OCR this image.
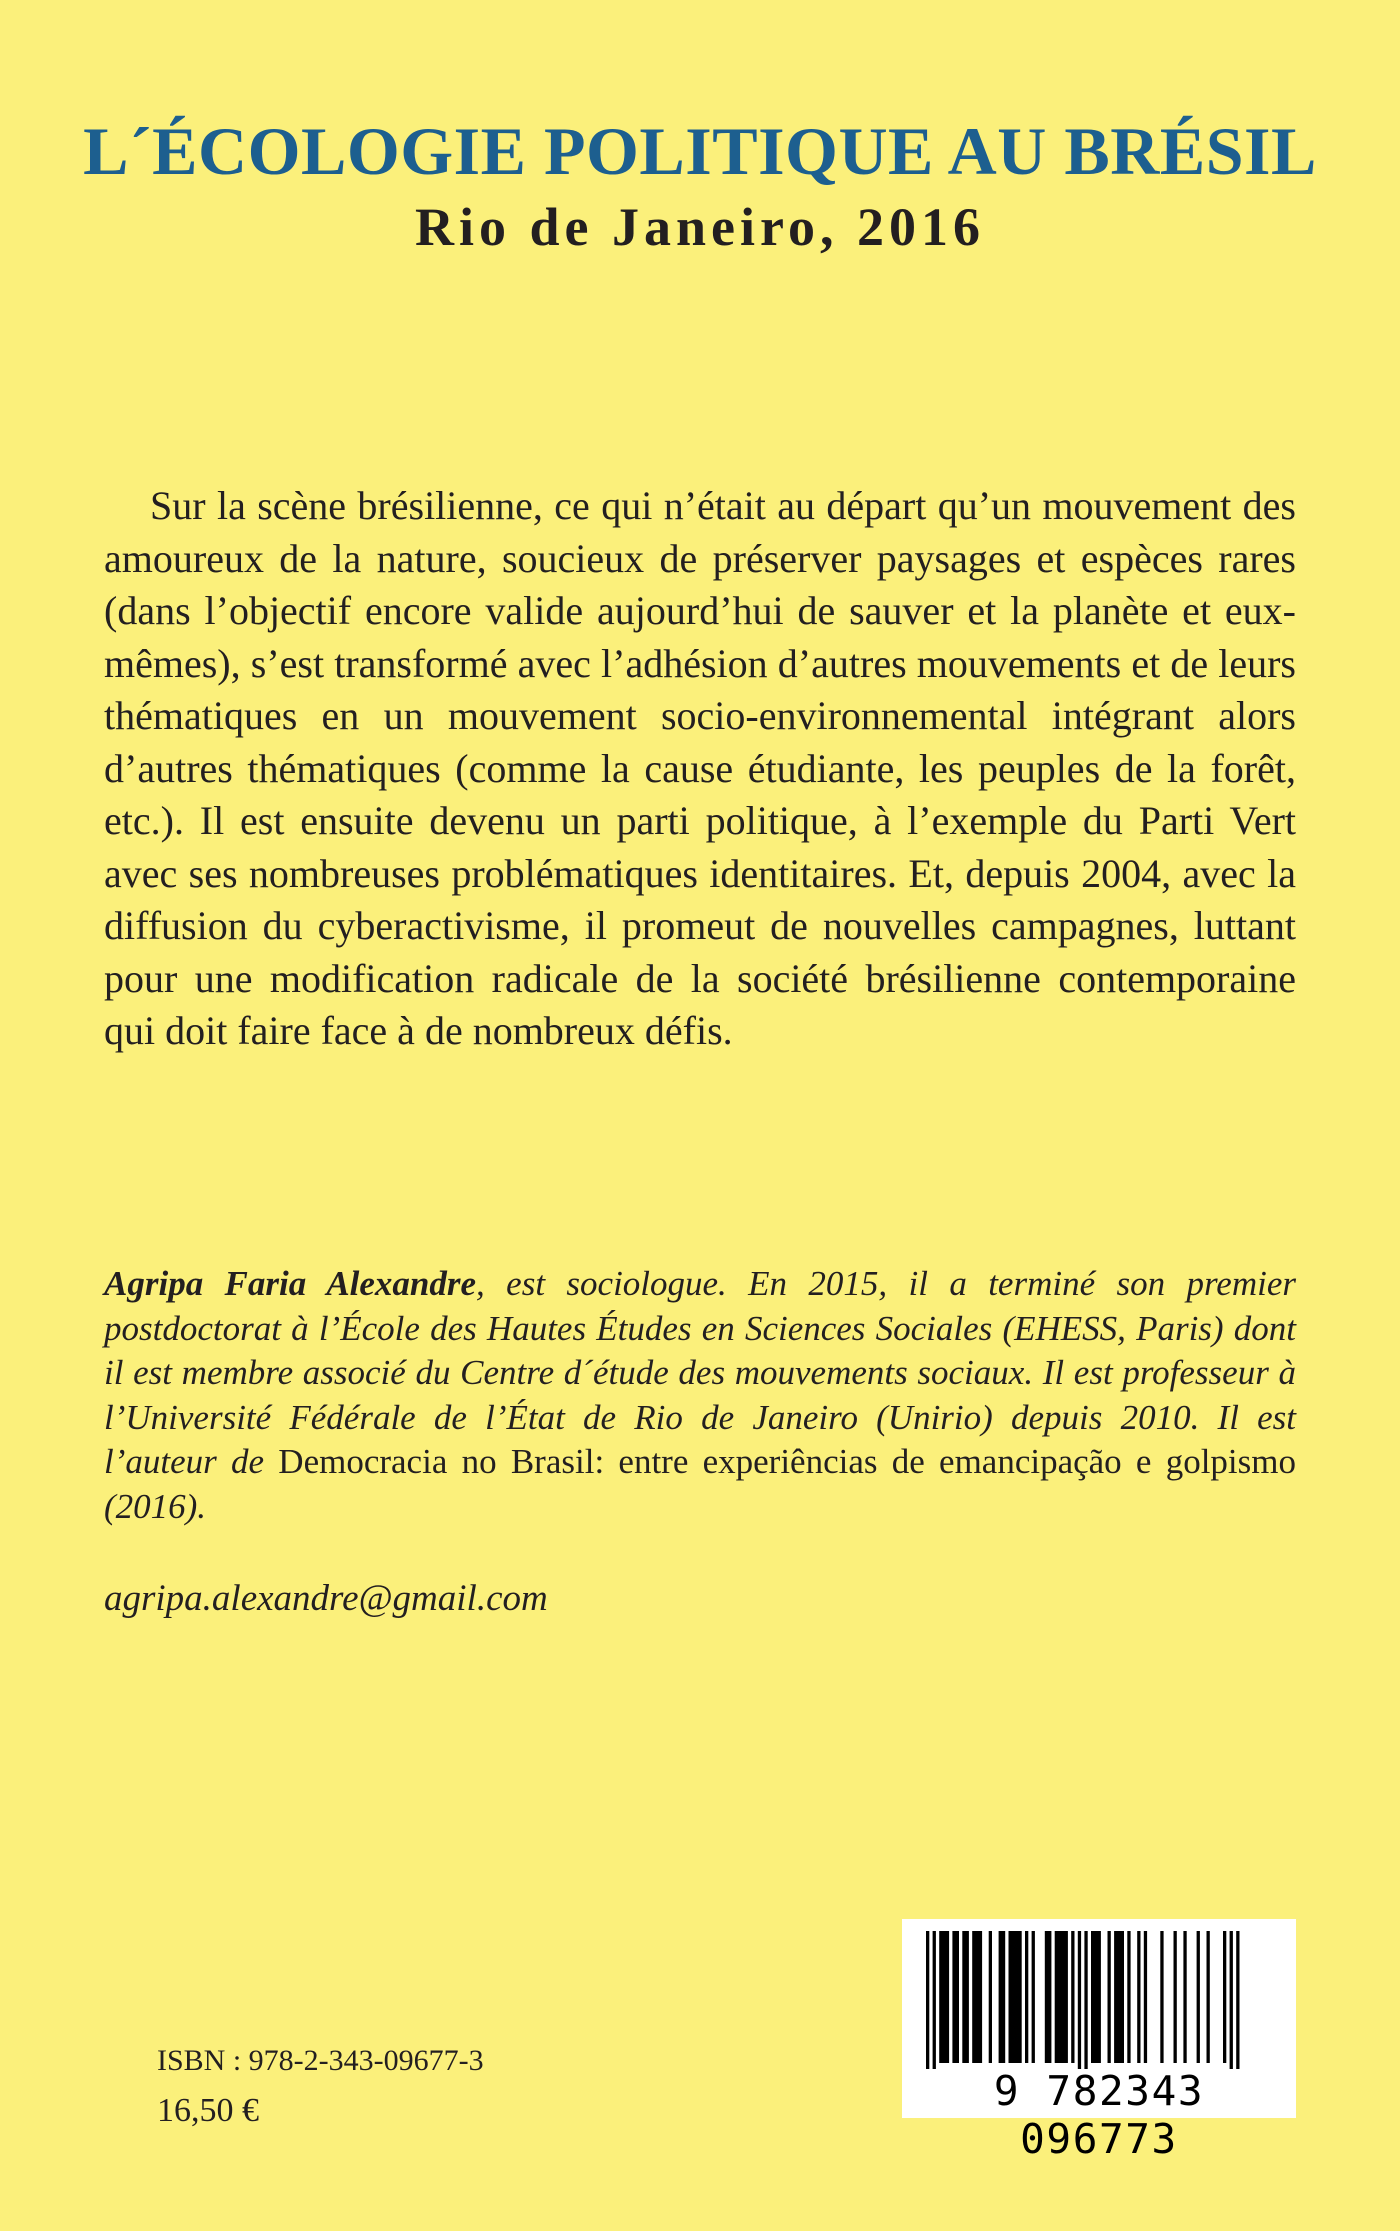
L´ÉCOLOGIE POLITIQUE AU BRÉSIL
Rio de Janeiro, 2016

Sur la scène brésilienne, ce qui n’était au départ qu’un mouvement des amoureux de la nature, soucieux de préserver paysages et espèces rares (dans l’objectif encore valide aujourd’hui de sauver et la planète et eux-mêmes), s’est transformé avec l’adhésion d’autres mouvements et de leurs thématiques en un mouvement socio-environnemental intégrant alors d’autres thématiques (comme la cause étudiante, les peuples de la forêt, etc.). Il est ensuite devenu un parti politique, à l’exemple du Parti Vert avec ses nombreuses problématiques identitaires. Et, depuis 2004, avec la diffusion du cyberactivisme, il promeut de nouvelles campagnes, luttant pour une modification radicale de la société brésilienne contemporaine qui doit faire face à de nombreux défis.

Agripa Faria Alexandre, est sociologue. En 2015, il a terminé son premier postdoctorat à l’École des Hautes Études en Sciences Sociales (EHESS, Paris) dont il est membre associé du Centre d´étude des mouvements sociaux. Il est professeur à l’Université Fédérale de l’État de Rio de Janeiro (Unirio) depuis 2010. Il est l’auteur de Democracia no Brasil: entre experiências de emancipação e golpismo (2016).

agripa.alexandre@gmail.com

ISBN : 978-2-343-09677-3

16,50 €	9 782343 096773
